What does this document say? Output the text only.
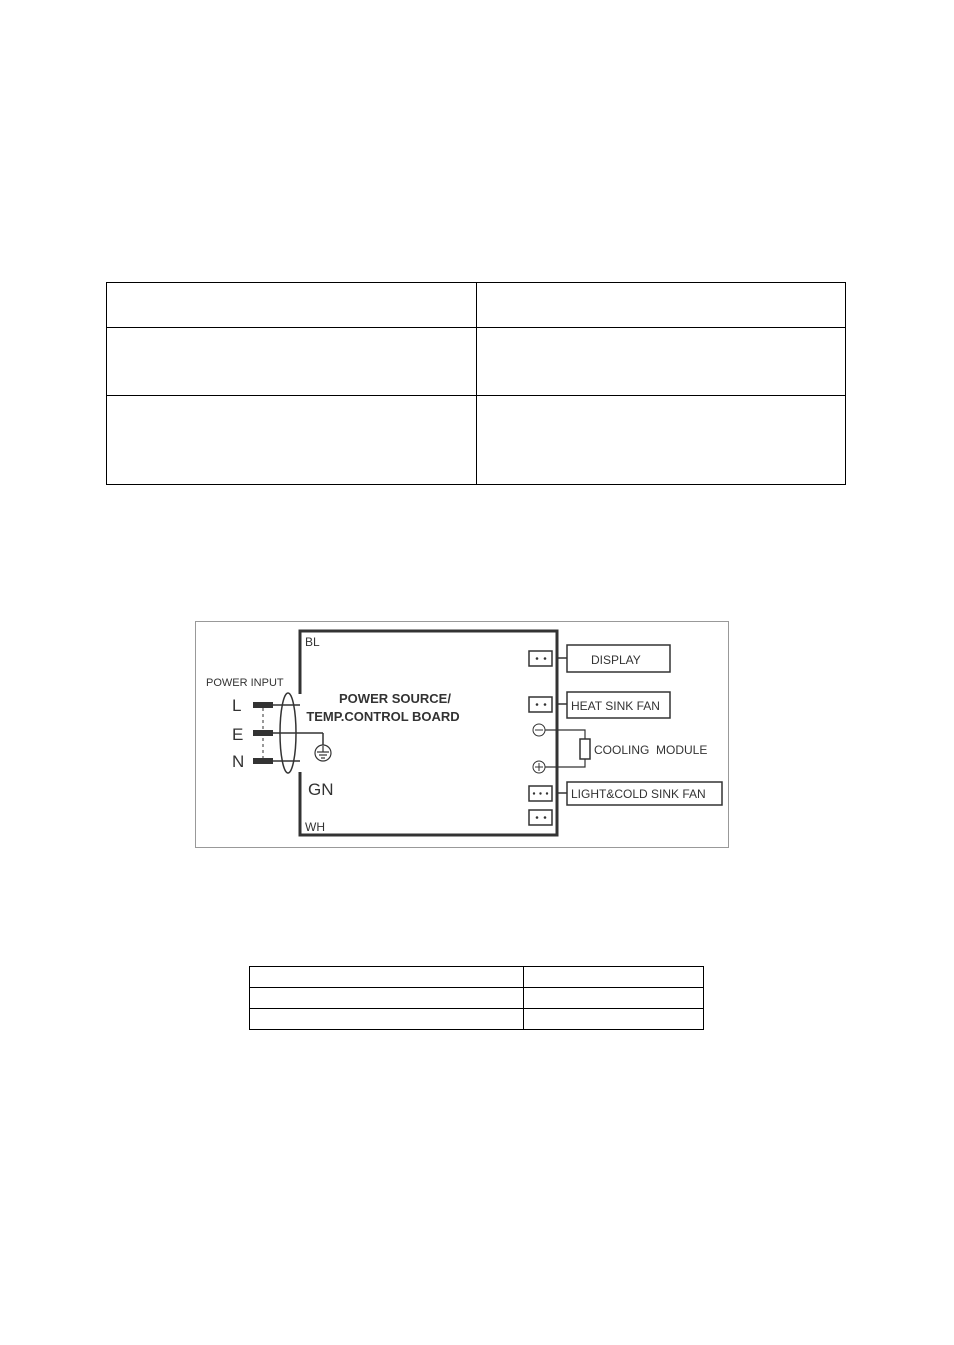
BL
WH
POWER SOURCE/
TEMP.CONTROL BOARD
POWER INPUT
L
E
N
GN
DISPLAY
HEAT SINK FAN
COOLING  MODULE
LIGHT&COLD SINK FAN
